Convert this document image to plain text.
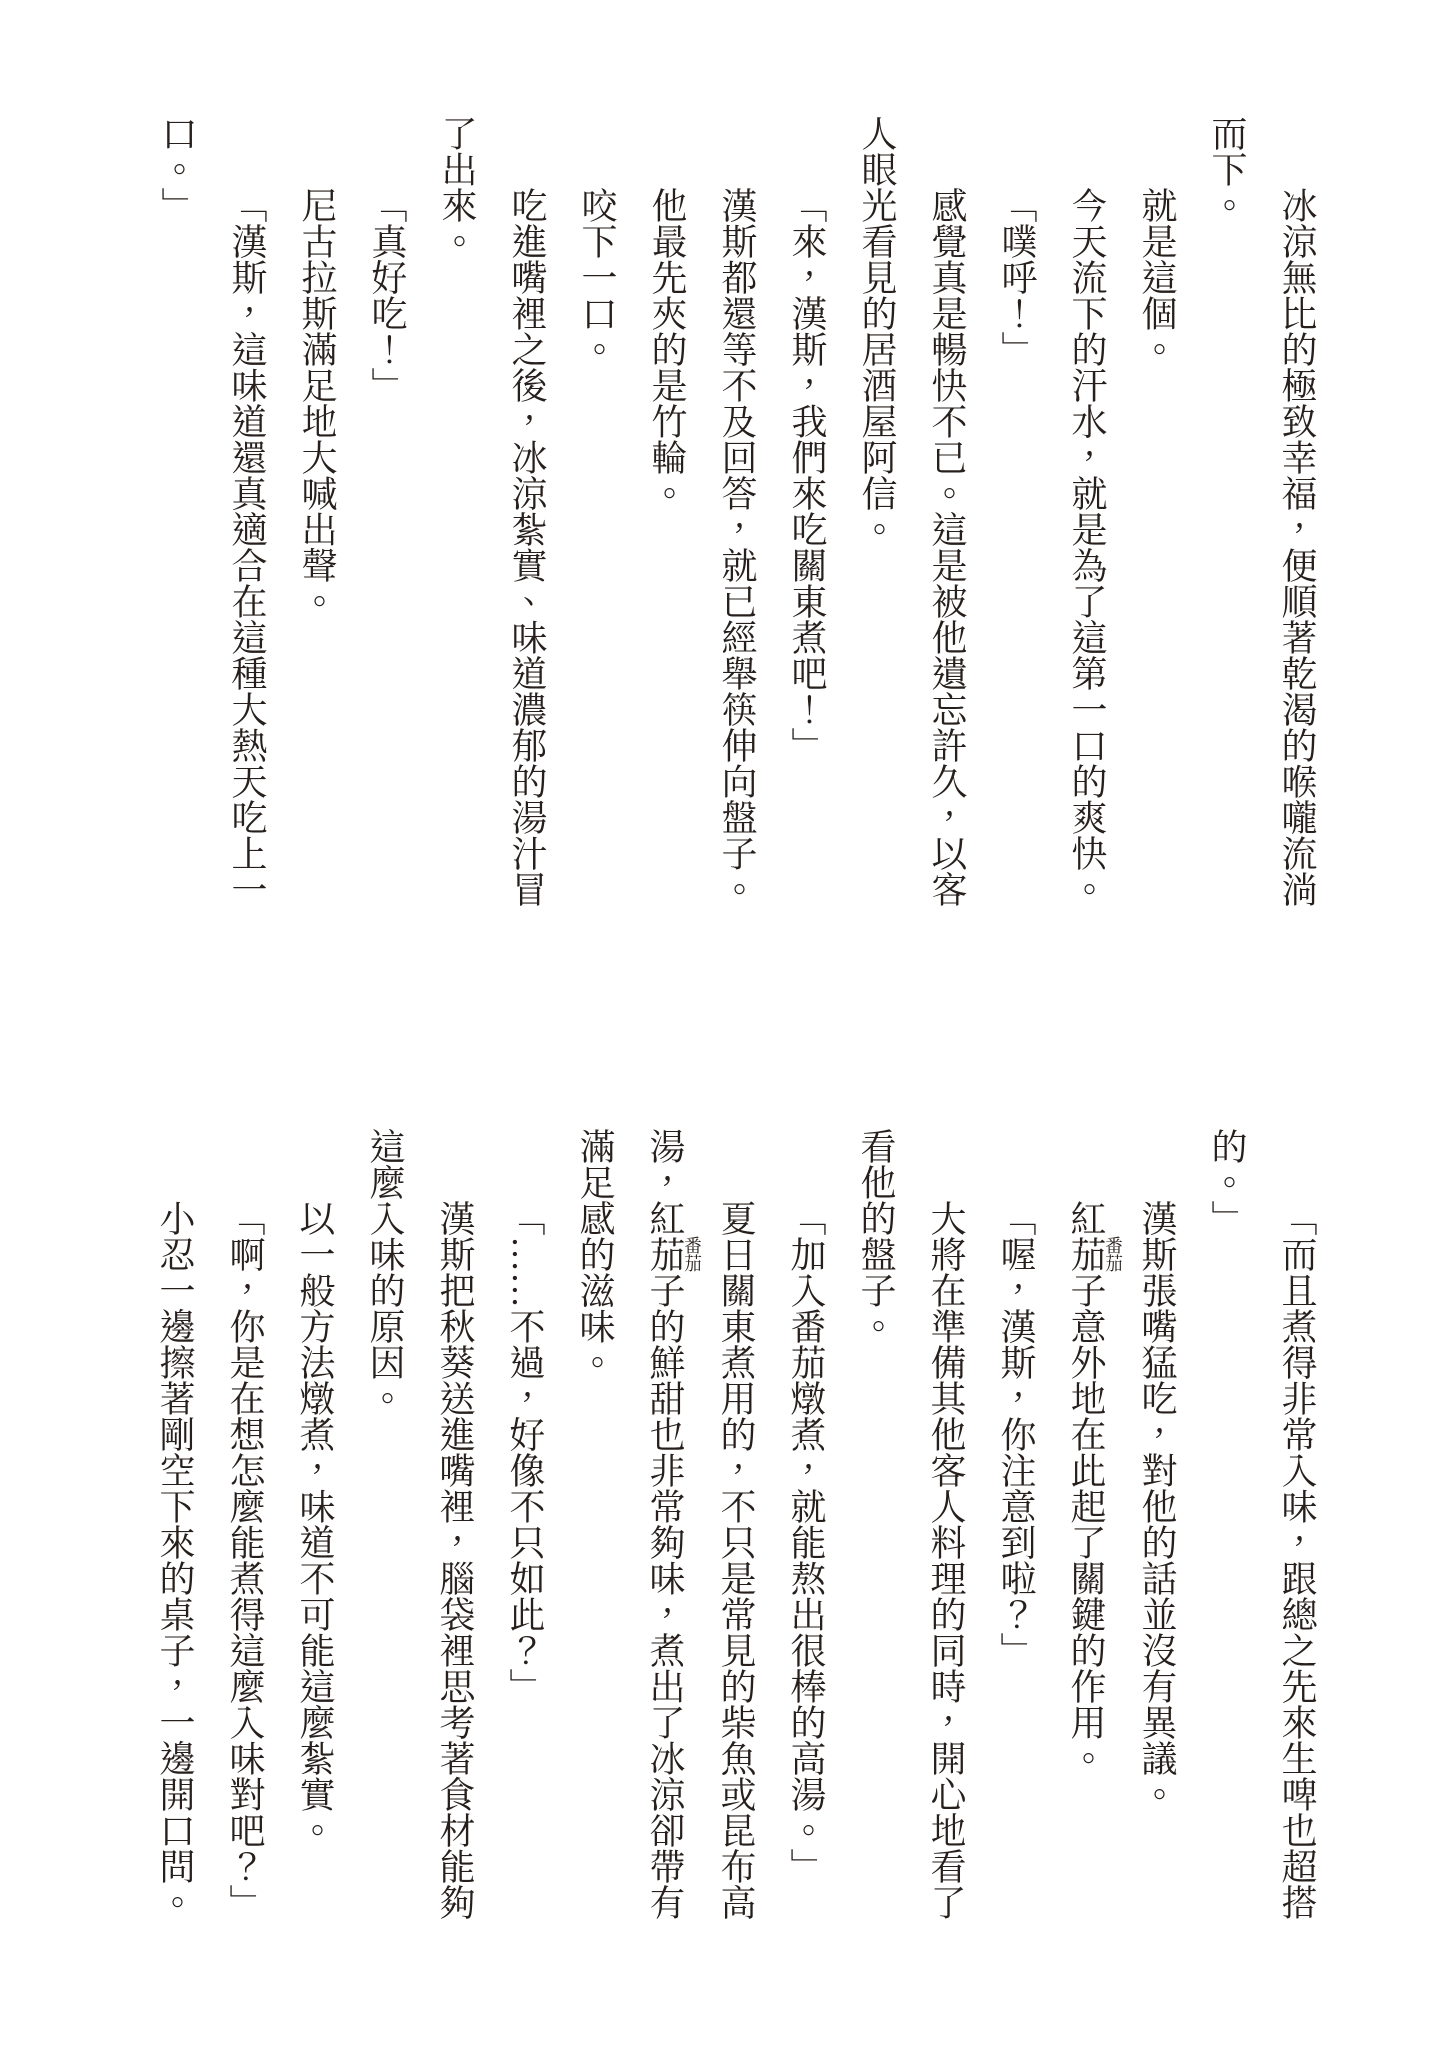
冰涼無比的極致幸福，便順著乾渴的喉嚨流淌
而下。
就是這個。
今天流下的汗水，就是為了這第一口的爽快。
「噗呼！」
感覺真是暢快不已。這是被他遺忘許久，以客
人眼光看見的居酒屋阿信。
「來，漢斯，我們來吃關東煮吧！」
漢斯都還等不及回答，就已經舉筷伸向盤子。
他最先夾的是竹輪。
咬下一口。
吃進嘴裡之後，冰涼紮實、味道濃郁的湯汁冒
了出來。
「真好吃！」
尼古拉斯滿足地大喊出聲。
「漢斯，這味道還真適合在這種大熱天吃上一
口。」
「而且煮得非常入味，跟總之先來生啤也超搭
的。」
漢斯張嘴猛吃，對他的話並沒有異議。
紅茄子番茄意外地在此起了關鍵的作用。
「喔，漢斯，你注意到啦？」
大將在準備其他客人料理的同時，開心地看了
看他的盤子。
「加入番茄燉煮，就能熬出很棒的高湯。」
夏日關東煮用的，不只是常見的柴魚或昆布高
湯，紅茄子番茄的鮮甜也非常夠味，煮出了冰涼卻帶有
滿足感的滋味。
「……不過，好像不只如此？」
漢斯把秋葵送進嘴裡，腦袋裡思考著食材能夠
這麼入味的原因。
以一般方法燉煮，味道不可能這麼紮實。
「啊，你是在想怎麼能煮得這麼入味對吧？」
小忍一邊擦著剛空下來的桌子，一邊開口問。
